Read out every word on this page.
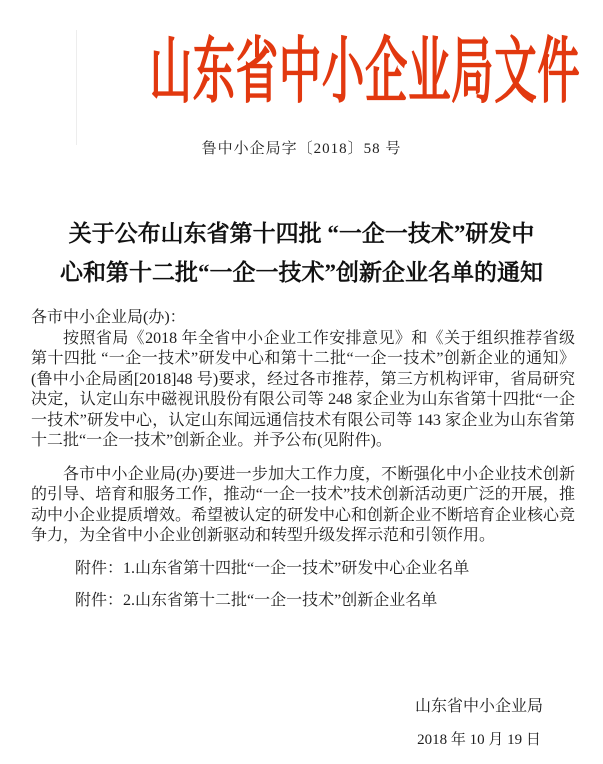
山东省中小企业局文件
鲁中小企局字〔2018〕58 号
关于公布山东省第十四批 “一企一技术”研发中
心和第十二批“一企一技术”创新企业名单的通知

各市中小企业局(办)：

按照省局《2018 年全省中小企业工作安排意见》和《关于组织推荐省级第十四批 “一企一技术”研发中心和第十二批“一企一技术”创新企业的通知》(鲁中小企局函[2018]48 号)要求，经过各市推荐，第三方机构评审，省局研究决定，认定山东中磁视讯股份有限公司等 248 家企业为山东省第十四批“一企一技术”研发中心，认定山东闻远通信技术有限公司等 143 家企业为山东省第十二批“一企一技术”创新企业。并予公布(见附件)。

各市中小企业局(办)要进一步加大工作力度，不断强化中小企业技术创新的引导、培育和服务工作，推动“一企一技术”技术创新活动更广泛的开展，推动中小企业提质增效。希望被认定的研发中心和创新企业不断培育企业核心竞争力，为全省中小企业创新驱动和转型升级发挥示范和引领作用。

附件：1.山东省第十四批“一企一技术”研发中心企业名单
附件：2.山东省第十二批“一企一技术”创新企业名单
山东省中小企业局
2018 年 10 月 19 日
